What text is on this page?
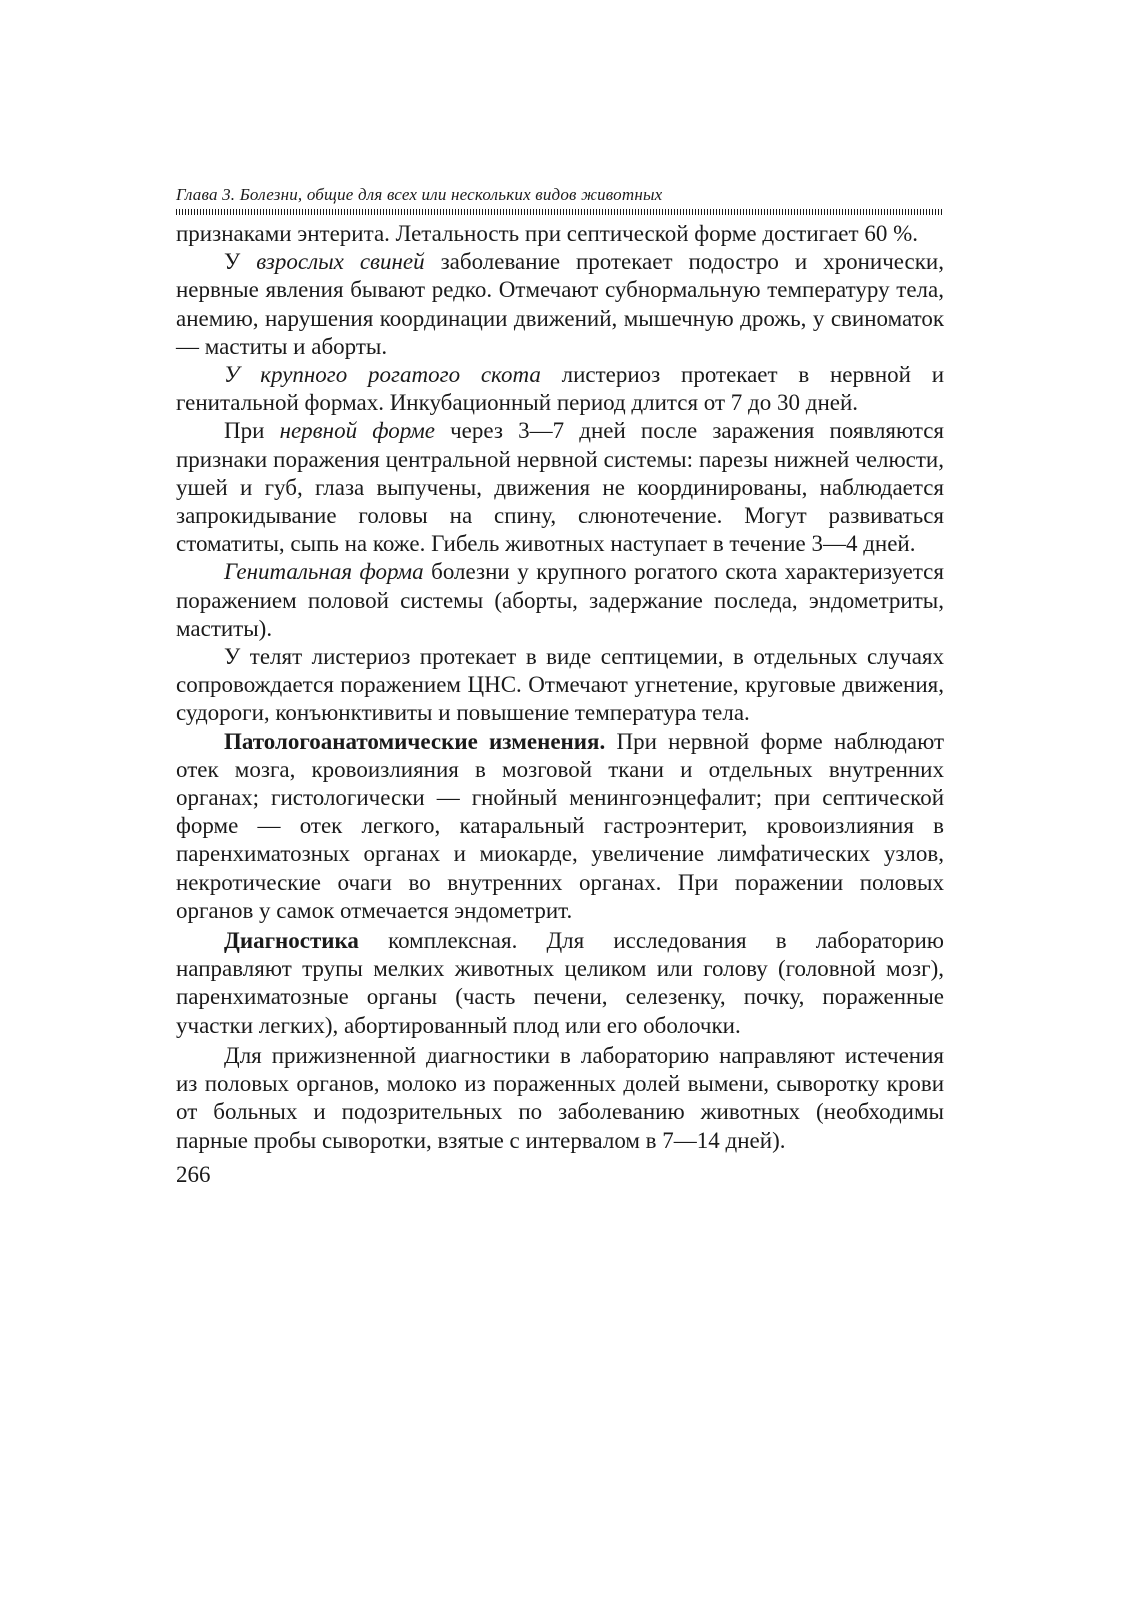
Глава 3. Болезни, общие для всех или нескольких видов животных

признаками энтерита. Летальность при септической форме достигает 60 %.

У взрослых свиней заболевание протекает подостро и хронически, нервные явления бывают редко. Отмечают субнормальную температуру тела, анемию, нарушения координации движений, мышечную дрожь, у свиноматок — маститы и аборты.

У крупного рогатого скота листериоз протекает в нервной и генитальной формах. Инкубационный период длится от 7 до 30 дней.

При нервной форме через 3—7 дней после заражения появляются признаки поражения центральной нервной системы: парезы нижней челюсти, ушей и губ, глаза выпучены, движения не координированы, наблюдается запрокидывание головы на спину, слюнотечение. Могут развиваться стоматиты, сыпь на коже. Гибель животных наступает в течение 3—4 дней.

Генитальная форма болезни у крупного рогатого скота характеризуется поражением половой системы (аборты, задержание последа, эндометриты, маститы).

У телят листериоз протекает в виде септицемии, в отдельных случаях сопровождается поражением ЦНС. Отмечают угнетение, круговые движения, судороги, конъюнктивиты и повышение температура тела.

Патологоанатомические изменения. При нервной форме наблюдают отек мозга, кровоизлияния в мозговой ткани и отдельных внутренних органах; гистологически — гнойный менингоэнцефалит; при септической форме — отек легкого, катаральный гастроэнтерит, кровоизлияния в паренхиматозных органах и миокарде, увеличение лимфатических узлов, некротические очаги во внутренних органах. При поражении половых органов у самок отмечается эндометрит.

Диагностика комплексная. Для исследования в лабораторию направляют трупы мелких животных целиком или голову (головной мозг), паренхиматозные органы (часть печени, селезенку, почку, пораженные участки легких), абортированный плод или его оболочки.

Для прижизненной диагностики в лабораторию направляют истечения из половых органов, молоко из пораженных долей вымени, сыворотку крови от больных и подозрительных по заболеванию животных (необходимы парные пробы сыворотки, взятые с интервалом в 7—14 дней).

266
